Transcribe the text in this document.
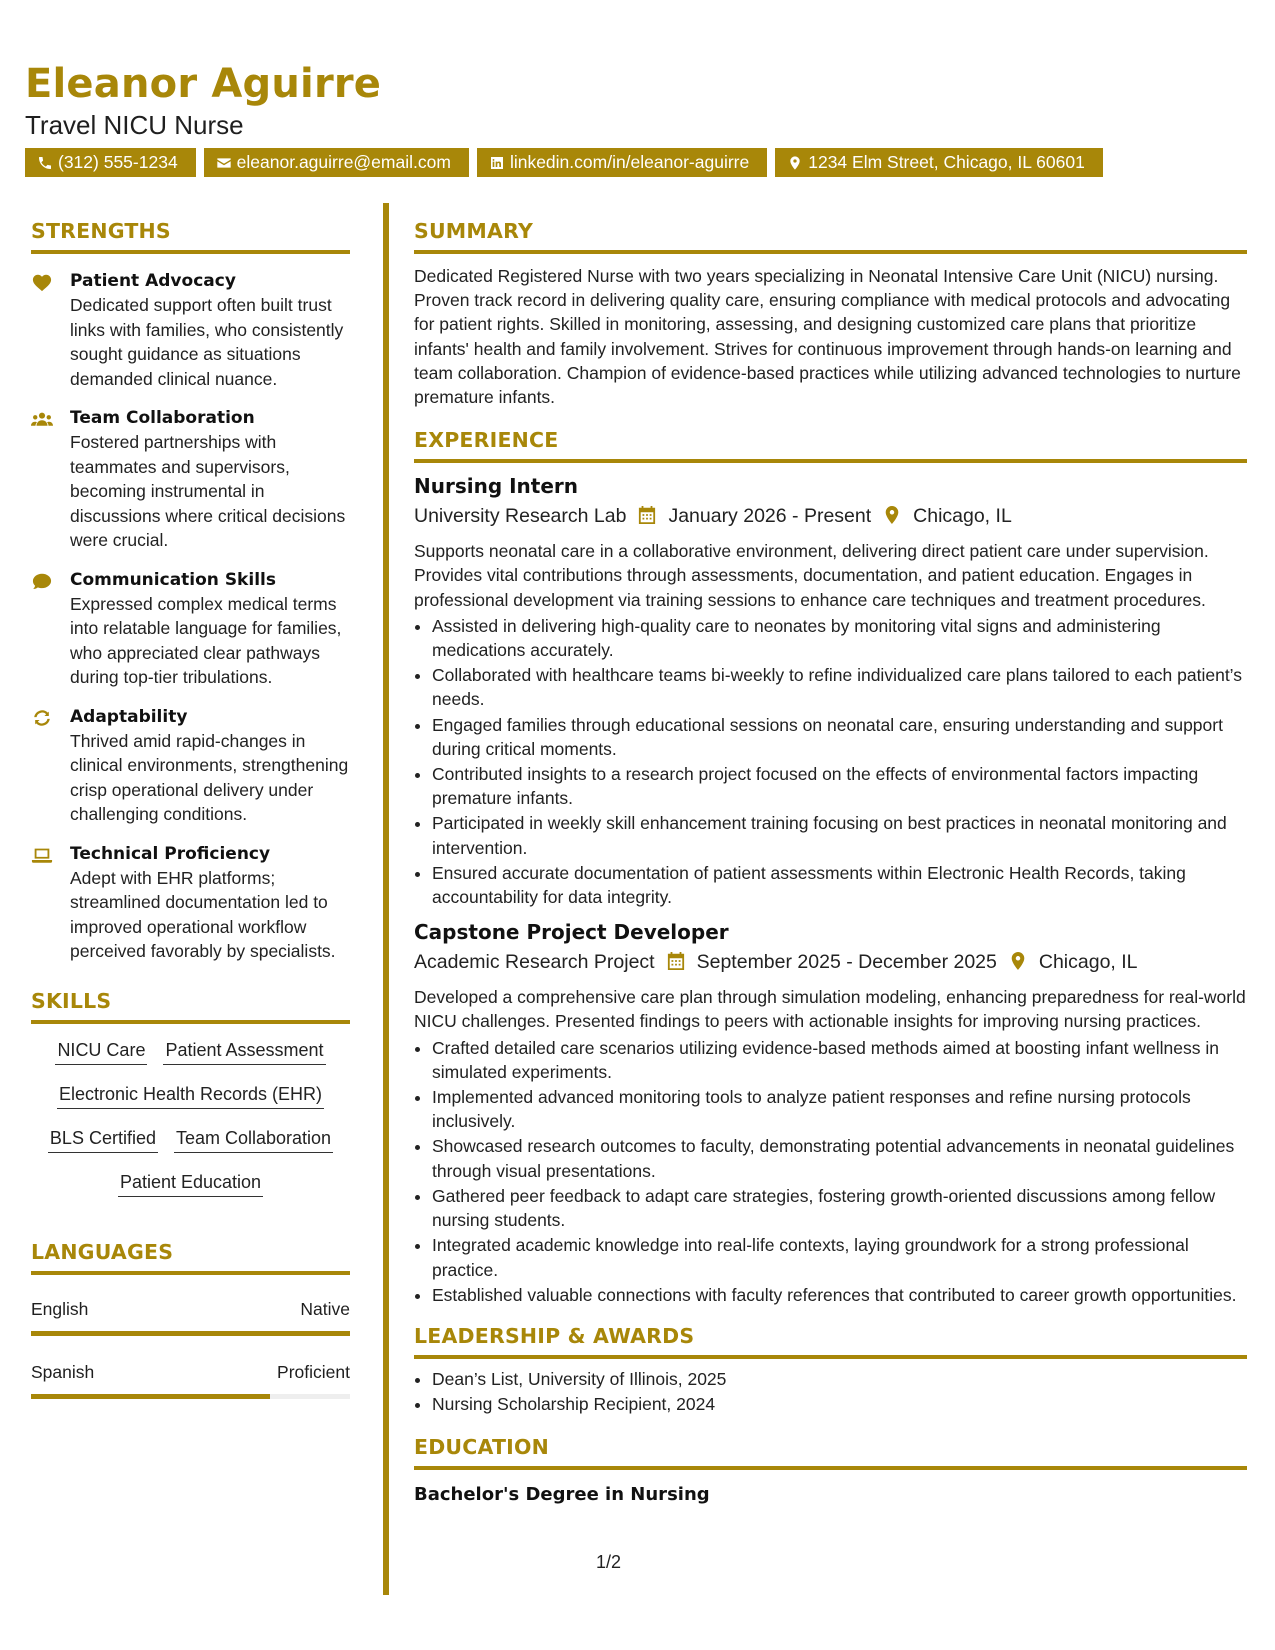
Eleanor Aguirre
Travel NICU Nurse
(312) 555-1234	eleanor.aguirre@email.com	linkedin.com/in/eleanor-aguirre	1234 Elm Street, Chicago, IL 60601
STRENGTHS
Patient Advocacy
Dedicated support often built trust links with families, who consistently sought guidance as situations demanded clinical nuance.
Team Collaboration
Fostered partnerships with teammates and supervisors, becoming instrumental in discussions where critical decisions were crucial.
Communication Skills
Expressed complex medical terms into relatable language for families, who appreciated clear pathways during top-tier tribulations.
Adaptability
Thrived amid rapid-changes in clinical environments, strengthening crisp operational delivery under challenging conditions.
Technical Proficiency
Adept with EHR platforms; streamlined documentation led to improved operational workflow perceived favorably by specialists.
SKILLS
NICU Care Patient Assessment
Electronic Health Records (EHR)
BLS Certified Team Collaboration
Patient Education
LANGUAGES
English	Native
Spanish	Proficient
SUMMARY
Dedicated Registered Nurse with two years specializing in Neonatal Intensive Care Unit (NICU) nursing. Proven track record in delivering quality care, ensuring compliance with medical protocols and advocating for patient rights. Skilled in monitoring, assessing, and designing customized care plans that prioritize infants' health and family involvement. Strives for continuous improvement through hands-on learning and team collaboration. Champion of evidence-based practices while utilizing advanced technologies to nurture premature infants.
EXPERIENCE
Nursing Intern
University Research Lab January 2026 - Present Chicago, IL
Supports neonatal care in a collaborative environment, delivering direct patient care under supervision. Provides vital contributions through assessments, documentation, and patient education. Engages in professional development via training sessions to enhance care techniques and treatment procedures.
• Assisted in delivering high-quality care to neonates by monitoring vital signs and administering medications accurately.
• Collaborated with healthcare teams bi-weekly to refine individualized care plans tailored to each patient’s needs.
• Engaged families through educational sessions on neonatal care, ensuring understanding and support during critical moments.
• Contributed insights to a research project focused on the effects of environmental factors impacting premature infants.
• Participated in weekly skill enhancement training focusing on best practices in neonatal monitoring and intervention.
• Ensured accurate documentation of patient assessments within Electronic Health Records, taking accountability for data integrity.
Capstone Project Developer
Academic Research Project September 2025 - December 2025 Chicago, IL
Developed a comprehensive care plan through simulation modeling, enhancing preparedness for real-world NICU challenges. Presented findings to peers with actionable insights for improving nursing practices.
• Crafted detailed care scenarios utilizing evidence-based methods aimed at boosting infant wellness in simulated experiments.
• Implemented advanced monitoring tools to analyze patient responses and refine nursing protocols inclusively.
• Showcased research outcomes to faculty, demonstrating potential advancements in neonatal guidelines through visual presentations.
• Gathered peer feedback to adapt care strategies, fostering growth-oriented discussions among fellow nursing students.
• Integrated academic knowledge into real-life contexts, laying groundwork for a strong professional practice.
• Established valuable connections with faculty references that contributed to career growth opportunities.
LEADERSHIP & AWARDS
• Dean’s List, University of Illinois, 2025
• Nursing Scholarship Recipient, 2024
EDUCATION
Bachelor's Degree in Nursing
1/2
